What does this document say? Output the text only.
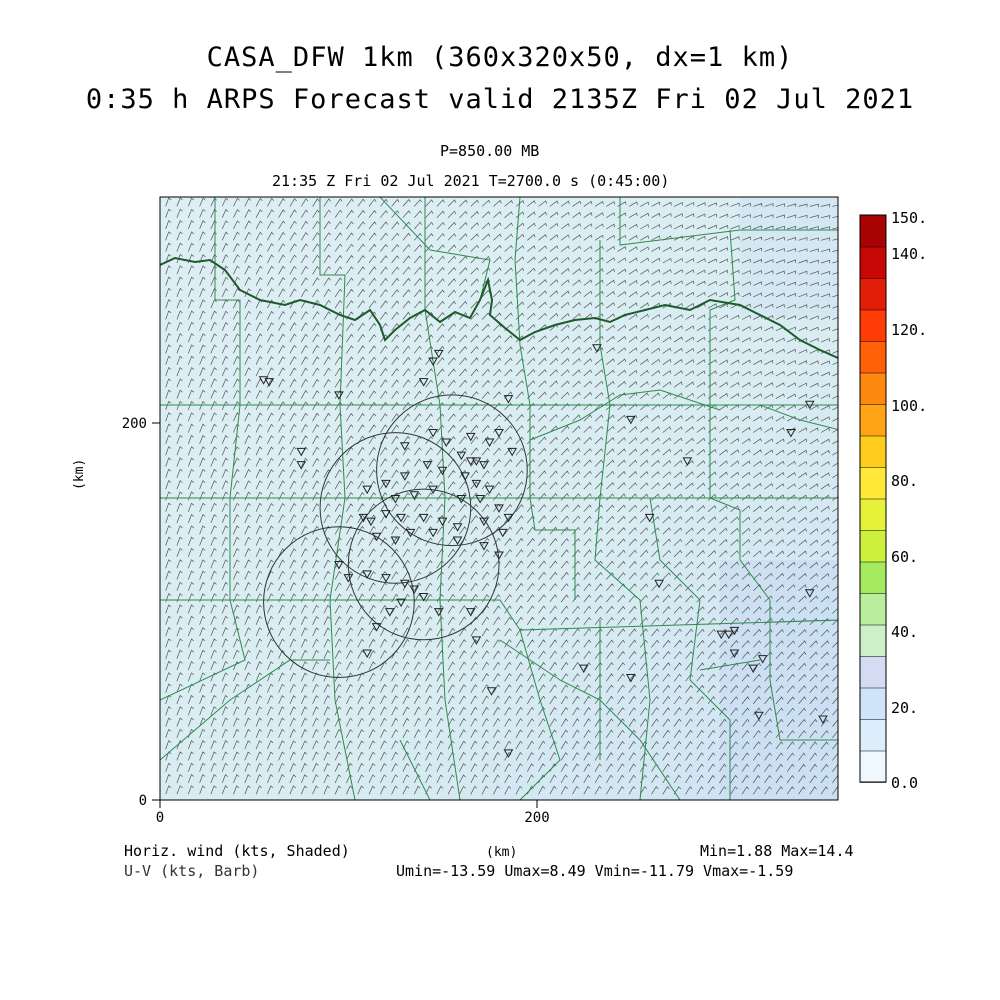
CASA_DFW 1km (360x320x50, dx=1 km)
0:35 h ARPS Forecast valid 2135Z Fri 02 Jul 2021
P=850.00 MB
21:35 Z Fri 02 Jul 2021 T=2700.0 s (0:45:00)
0	200
0
200
(km)
(km)
150.
140.
120.
100.
80.
60.
40.
20.
0.0
Horiz. wind (kts, Shaded)
U-V (kts, Barb)
Min=1.88 Max=14.4
Umin=-13.59 Umax=8.49 Vmin=-11.79 Vmax=-1.59
